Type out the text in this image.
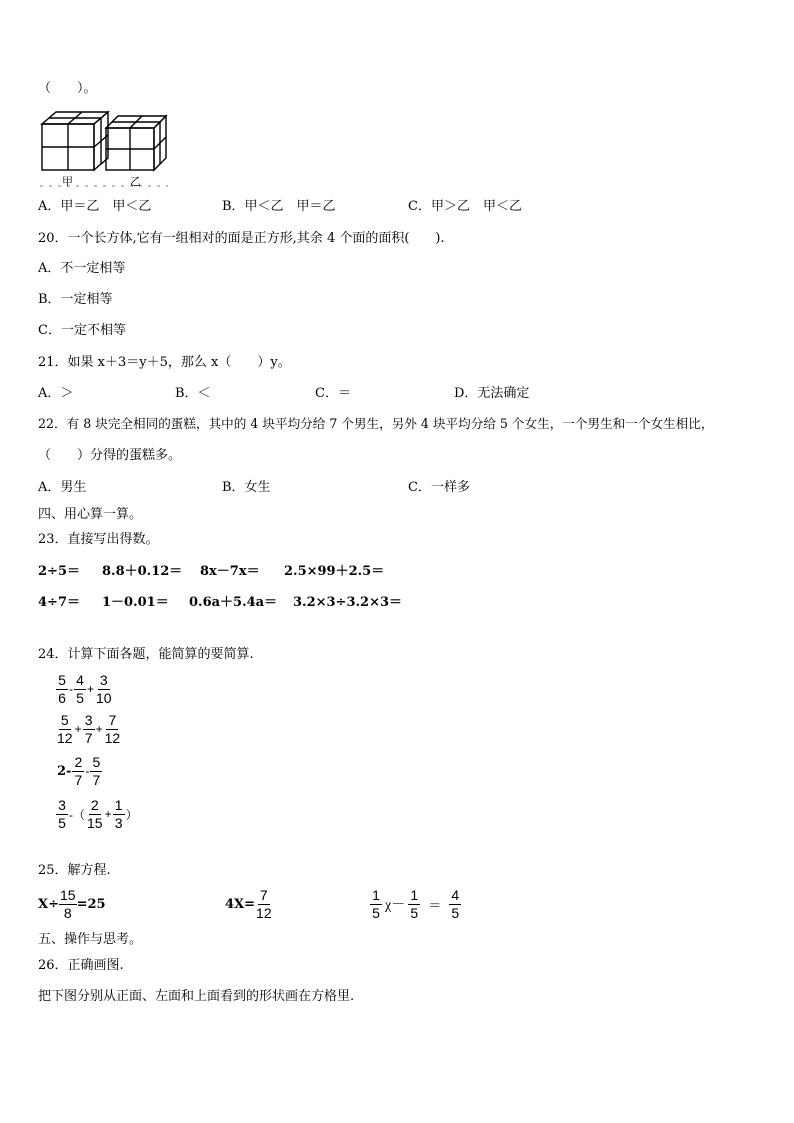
（　　）。
甲	乙
A．甲＝乙　甲＜乙	B．甲＜乙　甲＝乙	C．甲＞乙　甲＜乙
20．一个长方体,它有一组相对的面是正方形,其余 4 个面的面积(　　).
A．不一定相等
B．一定相等
C．一定不相等
21．如果 x＋3＝y＋5，那么 x（　　）y。
A．＞	B．＜	C．＝	D．无法确定
22．有 8 块完全相同的蛋糕，其中的 4 块平均分给 7 个男生，另外 4 块平均分给 5 个女生，一个男生和一个女生相比，
（　　）分得的蛋糕多。
A．男生	B．女生	C．一样多
四、用心算一算。
23．直接写出得数。
2÷5＝ 8.8＋0.12＝ 8x－7x＝ 2.5×99＋2.5＝
4÷7＝ 1－0.01＝ 0.6a＋5.4a＝ 3.2×3÷3.2×3＝
24．计算下面各题，能简算的要简算.
$\frac{5}{6} - \frac{4}{5} + \frac{3}{10}$
$\frac{5}{12} + \frac{3}{7} + \frac{7}{12}$
$2- \frac{2}{7} - \frac{5}{7}$
$\frac{3}{5}$ -（ $\frac{2}{15} + \frac{1}{3}$ ）
25．解方程.
$X\div \frac{15}{8} =25$	$4X= \frac{7}{12}$	$\frac{1}{5} \chi- \frac{1}{5} = \frac{4}{5}$
五、操作与思考。
26．正确画图.
把下图分别从正面、左面和上面看到的形状画在方格里.
